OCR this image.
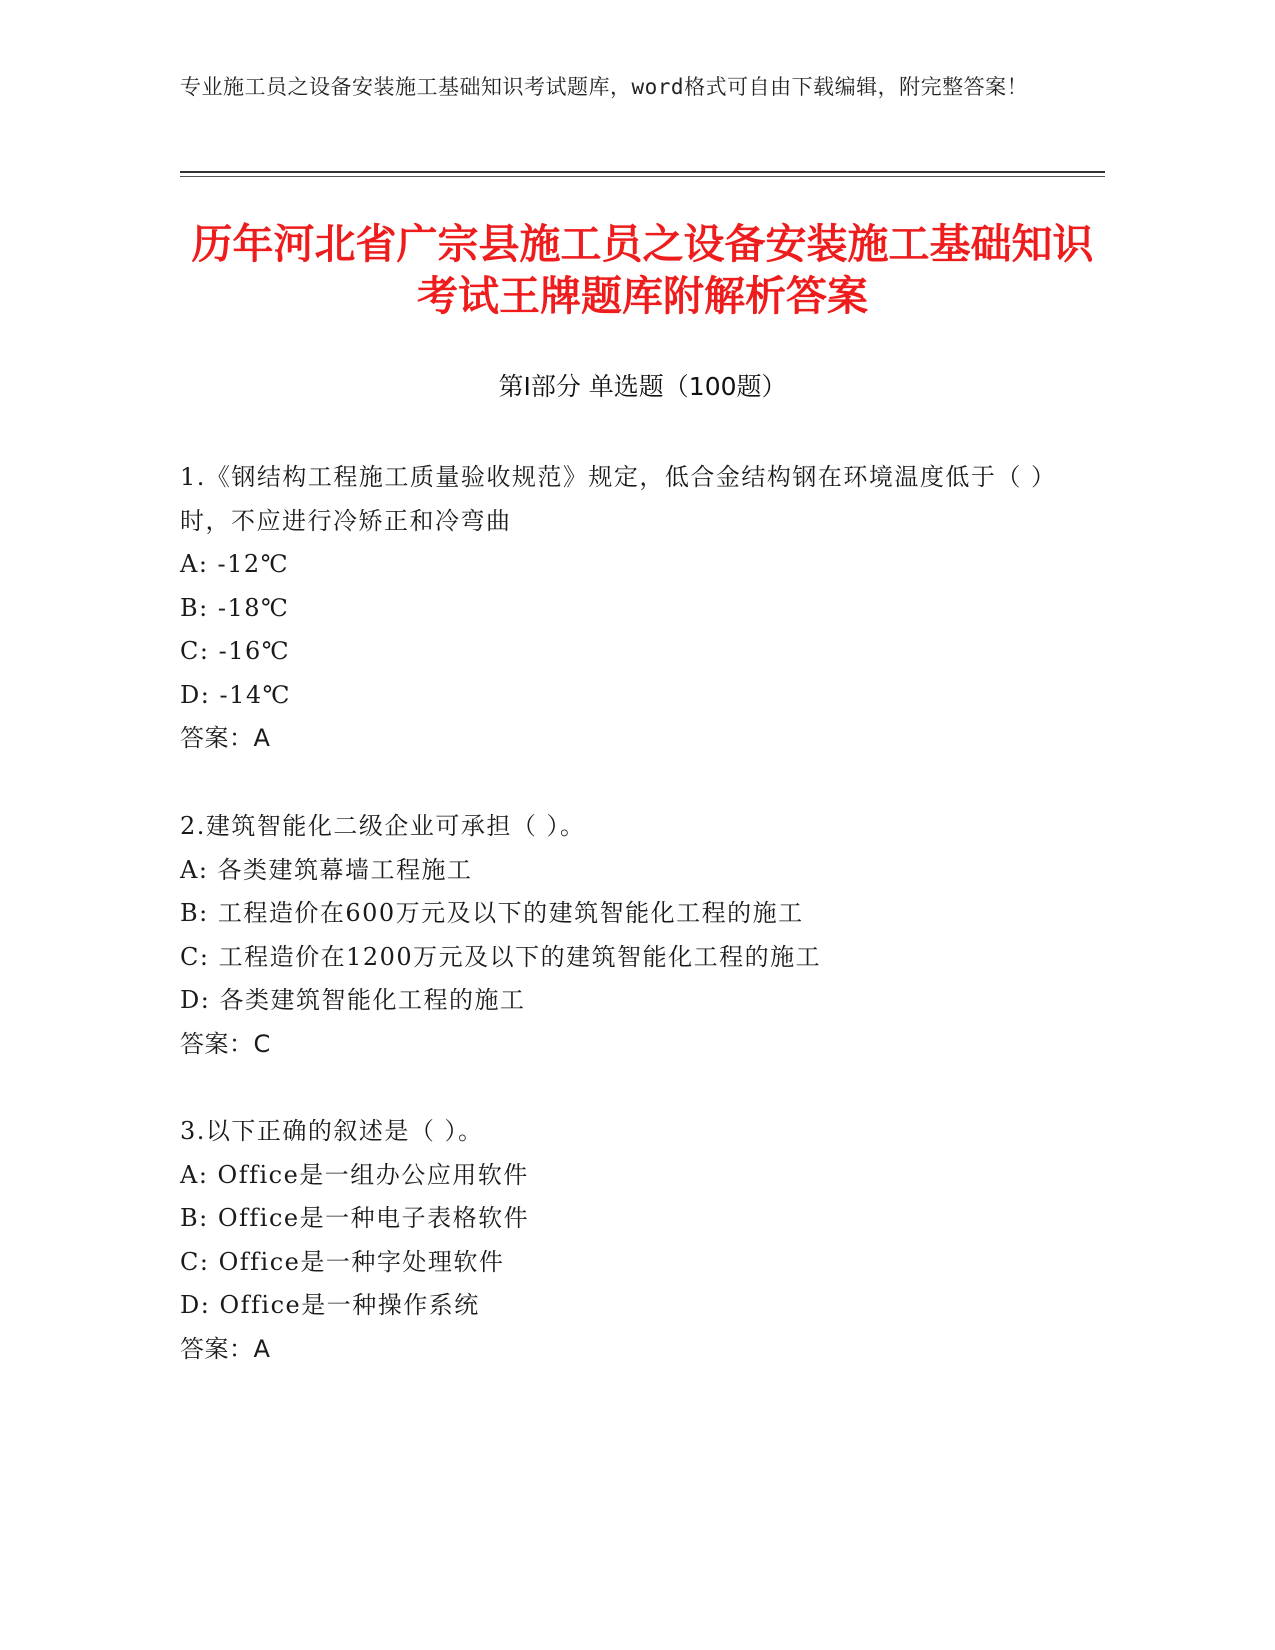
专业施工员之设备安装施工基础知识考试题库，word格式可自由下载编辑，附完整答案！
历年河北省广宗县施工员之设备安装施工基础知识考试王牌题库附解析答案
第Ⅰ部分 单选题（100题）
1.《钢结构工程施工质量验收规范》规定，低合金结构钢在环境温度低于（ ）时，不应进行冷矫正和冷弯曲
A: -12℃
B: -18℃
C: -16℃
D: -14℃
答案：A
2.建筑智能化二级企业可承担（ ）。
A: 各类建筑幕墙工程施工
B: 工程造价在600万元及以下的建筑智能化工程的施工
C: 工程造价在1200万元及以下的建筑智能化工程的施工
D: 各类建筑智能化工程的施工
答案：C
3.以下正确的叙述是（ ）。
A: Office是一组办公应用软件
B: Office是一种电子表格软件
C: Office是一种字处理软件
D: Office是一种操作系统
答案：A
